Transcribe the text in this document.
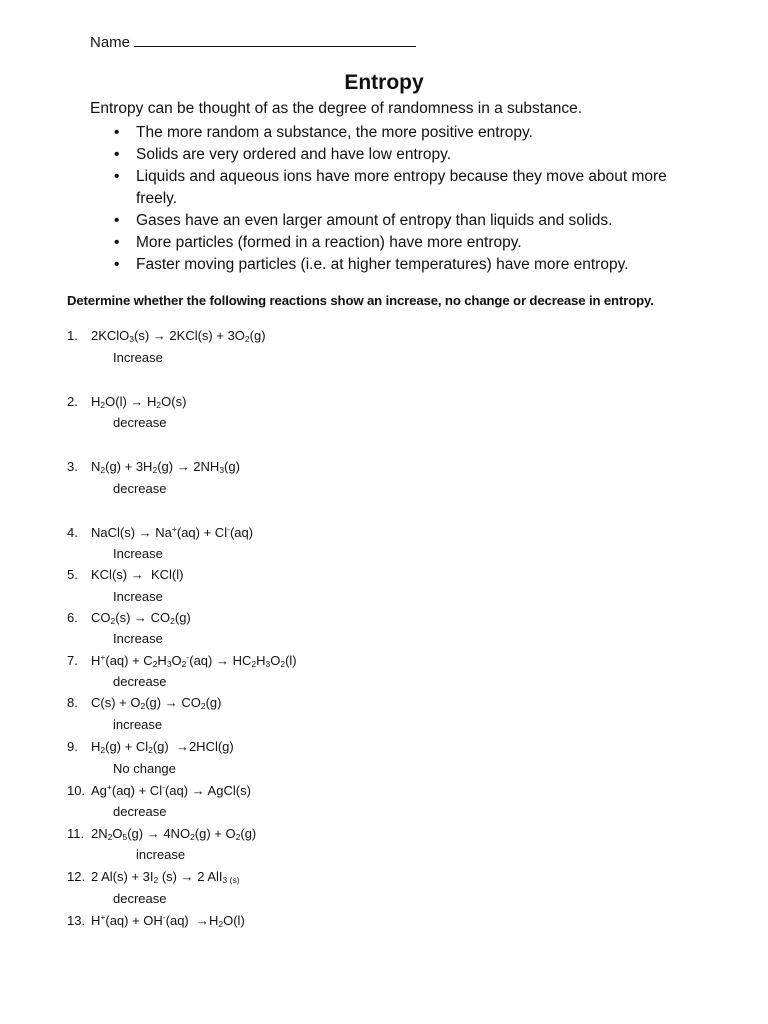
Name
Entropy
Entropy can be thought of as the degree of randomness in a substance.
• The more random a substance, the more positive entropy.
• Solids are very ordered and have low entropy.
• Liquids and aqueous ions have more entropy because they move about more freely.
• Gases have an even larger amount of entropy than liquids and solids.
• More particles (formed in a reaction) have more entropy.
• Faster moving particles (i.e. at higher temperatures) have more entropy.
Determine whether the following reactions show an increase, no change or decrease in entropy.
1. 2KClO$_3$(s) → $2KCl(s) + 3O_2(g)$
Increase
2. $H_2O(l) \to H_2O(s)$
decrease
3. $N_2(g) + 3H_2(g) \to 2NH_3(g)$
decrease
4. NaCl(s) → Na+(aq) + Cl-(aq)
Increase
5. KCl(s) →  KCl(l)
Increase
6. $CO_2(s) \to CO_2(g)$
Increase
7. $H^+(aq) + C_2H_3O_2^-(aq) \to HC_2H_3O_2(l)$
decrease
8. $C(s) + O_2(g) \to CO_2(g)$
increase
9. $H_2(g) + Cl_2(g) \to 2HCl(g)$
No change
10. Ag+(aq) + Cl-(aq) → AgCl(s)
decrease
11. $2N_2O_5(g) \to 4NO_2(g) + O_2(g)$
increase
12. 2 $Al(s) + 3I_2$ (s) → 2 AlI$_{3 (s)}$
decrease
13. $H^+(aq) + OH^-(aq) \to H_2O(l)$
